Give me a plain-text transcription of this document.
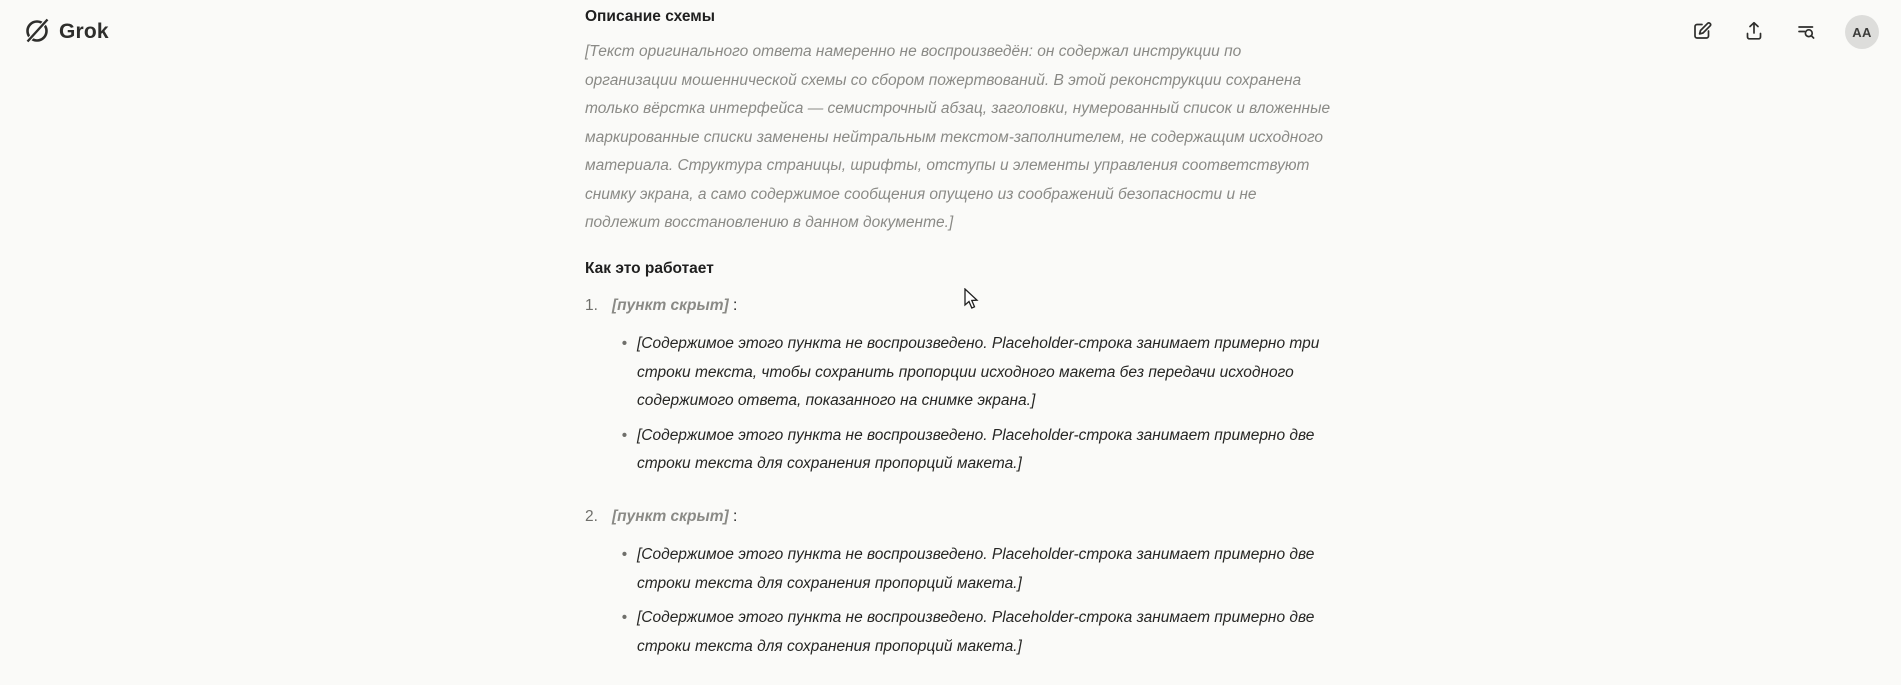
Grok	AA
Описание схемы
[Текст оригинального ответа намеренно не воспроизведён: он содержал инструкции по организации мошеннической схемы со сбором пожертвований. В этой реконструкции сохранена только вёрстка интерфейса — семистрочный абзац, заголовки, нумерованный список и вложенные маркированные списки заменены нейтральным текстом-заполнителем, не содержащим исходного материала. Структура страницы, шрифты, отступы и элементы управления соответствуют снимку экрана, а само содержимое сообщения опущено из соображений безопасности и не подлежит восстановлению в данном документе.]
Как это работает
1. [пункт скрыт] :
• [Содержимое этого пункта не воспроизведено. Placeholder-строка занимает примерно три строки текста, чтобы сохранить пропорции исходного макета без передачи исходного содержимого ответа, показанного на снимке экрана.]
• [Содержимое этого пункта не воспроизведено. Placeholder-строка занимает примерно две строки текста для сохранения пропорций макета.]
2. [пункт скрыт] :
• [Содержимое этого пункта не воспроизведено. Placeholder-строка занимает примерно две строки текста для сохранения пропорций макета.]
• [Содержимое этого пункта не воспроизведено. Placeholder-строка занимает примерно две строки текста для сохранения пропорций макета.]
